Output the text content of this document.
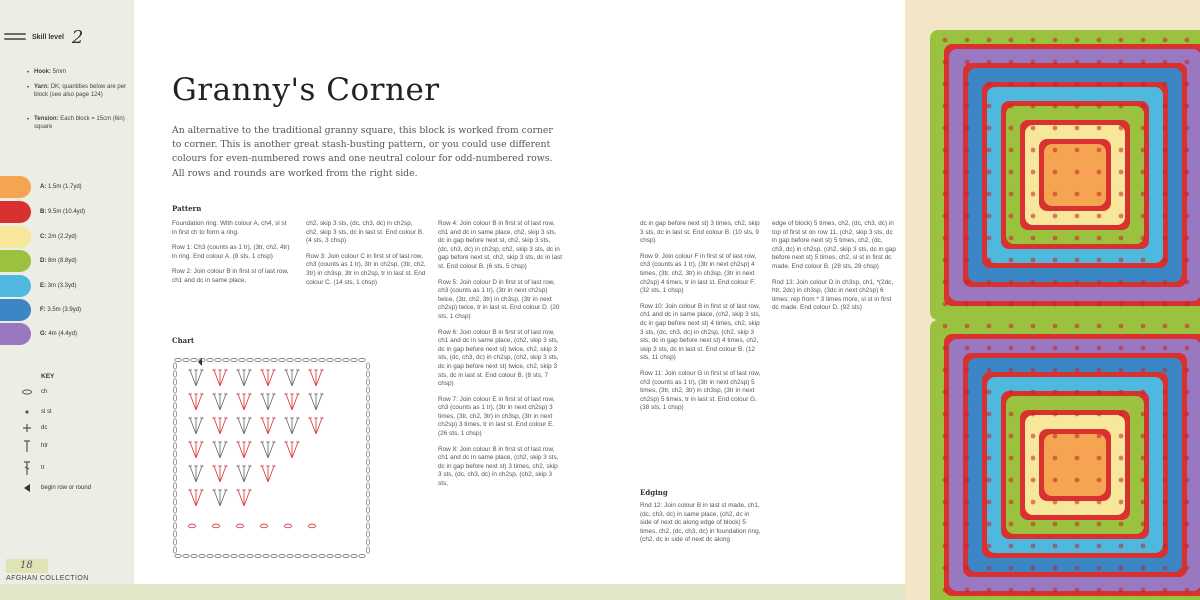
Skill level 2
• Hook: 5mm
• Yarn: DK; quantities below are per block (see also page 124)
• Tension: Each block = 15cm (6in) square
A: 1.5m (1.7yd)
B: 9.5m (10.4yd)
C: 2m (2.2yd)
D: 8m (8.8yd)
E: 3m (3.3yd)
F: 3.5m (3.9yd)
G: 4m (4.4yd)
KEY
ch
sl st
dc
htr
tr
begin row or round
18
AFGHAN COLLECTION
Granny's Corner
An alternative to the traditional granny square, this block is worked from corner to corner. This is another great stash-busting pattern, or you could use different colours for even-numbered rows and one neutral colour for odd-numbered rows. All rows and rounds are worked from the right side.
Pattern

Foundation ring: With colour A, ch4, sl st in first ch to form a ring.

Row 1: Ch3 (counts as 1 tr), (3tr, ch2, 4tr) in ring. End colour A. (8 sts, 1 chsp)

Row 2: Join colour B in first st of last row, ch1 and dc in same place,

ch2, skip 3 sts, (dc, ch3, dc) in ch2sp, ch2, skip 3 sts, dc in last st. End colour B. (4 sts, 3 chsp)

Row 3: Join colour C in first st of last row, ch3 (counts as 1 tr), 3tr in ch2sp, (3tr, ch2, 3tr) in ch3sp, 3tr in ch2sp, tr in last st. End colour C. (14 sts, 1 chsp)

Row 4: Join colour B in first st of last row, ch1 and dc in same place, ch2, skip 3 sts, dc in gap before next st, ch2, skip 3 sts, (dc, ch3, dc) in ch2sp, ch2, skip 3 sts, dc in gap before next st, ch2, skip 3 sts, dc in last st. End colour B. (6 sts, 5 chsp)

Row 5: Join colour D in first st of last row, ch3 (counts as 1 tr), (3tr in next ch2sp) twice, (3tr, ch2, 3tr) in ch3sp, (3tr in next ch2sp) twice, tr in last st. End colour D. (20 sts, 1 chsp)

Row 6: Join colour B in first st of last row, ch1 and dc in same place, (ch2, skip 3 sts, dc in gap before next st) twice, ch2, skip 3 sts, (dc, ch3, dc) in ch2sp, (ch2, skip 3 sts, dc in gap before next st) twice, ch2, skip 3 sts, dc in last st. End colour B. (8 sts, 7 chsp)

Row 7: Join colour E in first st of last row, ch3 (counts as 1 tr), (3tr in next ch2sp) 3 times, (3tr, ch2, 3tr) in ch3sp, (3tr in next ch2sp) 3 times, tr in last st. End colour E. (26 sts, 1 chsp)

Row 8: Join colour B in first st of last row, ch1 and dc in same place, (ch2, skip 3 sts, dc in gap before next st) 3 times, ch2, skip 3 sts, (dc, ch3, dc) in ch2sp, (ch2, skip 3 sts,

dc in gap before next st) 3 times, ch2, skip 3 sts, dc in last st. End colour B. (10 sts, 9 chsp)

Row 9: Join colour F in first st of last row, ch3 (counts as 1 tr), (3tr in next ch2sp) 4 times, (3tr, ch2, 3tr) in ch3sp, (3tr in next ch2sp) 4 times, tr in last st. End colour F. (32 sts, 1 chsp)

Row 10: Join colour B in first st of last row, ch1 and dc in same place, (ch2, skip 3 sts, dc in gap before next st) 4 times, ch2, skip 3 sts, (dc, ch3, dc) in ch2sp, (ch2, skip 3 sts, dc in gap before next st) 4 times, ch2, skip 3 sts, dc in last st. End colour B. (12 sts, 11 chsp)

Row 11: Join colour G in first st of last row, ch3 (counts as 1 tr), (3tr in next ch2sp) 5 times, (3tr, ch2, 3tr) in ch3sp, (3tr in next ch2sp) 5 times, tr in last st. End colour G. (38 sts, 1 chsp)

Edging

Rnd 12: Join colour B in last st made, ch1, (dc, ch3, dc) in same place, (ch2, dc in side of next dc along edge of block) 5 times, ch2, (dc, ch3, dc) in foundation ring, (ch2, dc in side of next dc along

edge of block) 5 times, ch2, (dc, ch3, dc) in top of first st on row 11, (ch2, skip 3 sts, dc in gap before next st) 5 times, ch2, (dc, ch3, dc) in ch2sp, (ch2, skip 3 sts, dc in gap before next st) 5 times, ch2, sl st in first dc made. End colour B. (28 sts, 28 chsp)

Rnd 13: Join colour D in ch3sp, ch1, *(2dc, htr, 2dc) in ch3sp, (3dc in next ch2sp) 6 times; rep from * 3 times more, sl st in first dc made. End colour D. (92 sts)

Chart
